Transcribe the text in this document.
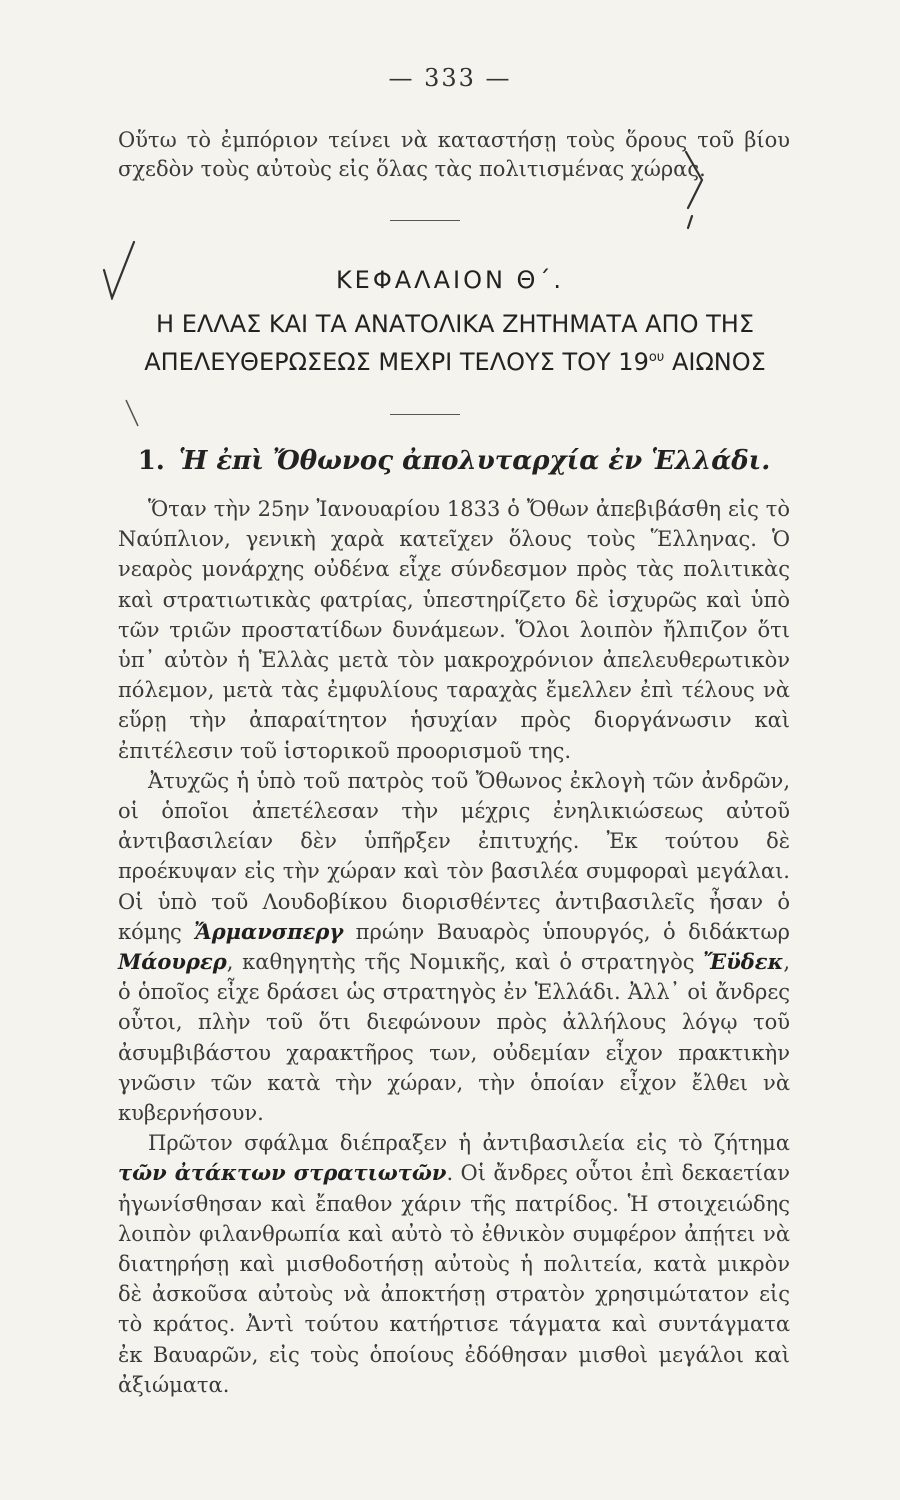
— 333 —
Οὕτω τὸ ἐμπόριον τείνει νὰ καταστήσῃ τοὺς ὅρους τοῦ βίου σχεδὸν τοὺς αὐτοὺς εἰς ὅλας τὰς πολιτισμένας χώρας.
ΚΕΦΑΛΑΙΟΝ Θ΄.
Η ΕΛΛΑΣ ΚΑΙ ΤΑ ΑΝΑΤΟΛΙΚΑ ΖΗΤΗΜΑΤΑ ΑΠΟ ΤΗΣ
ΑΠΕΛΕΥΘΕΡΩΣΕΩΣ ΜΕΧΡΙ ΤΕΛΟΥΣ ΤΟΥ $19^{o\upsilon}$ ΑΙΩΝΟΣ
1. Ἡ ἐπὶ Ὄθωνος ἀπολυταρχία ἐν Ἑλλάδι.

Ὅταν τὴν 25ην Ἰανουαρίου 1833 ὁ Ὄθων ἀπεβιβάσθη εἰς τὸ Ναύπλιον, γενικὴ χαρὰ κατεῖχεν ὅλους τοὺς Ἕλληνας. Ὁ νεαρὸς μονάρχης οὐδένα εἶχε σύνδεσμον πρὸς τὰς πολιτικὰς καὶ στρατιωτικὰς φατρίας, ὑπεστηρίζετο δὲ ἰσχυρῶς καὶ ὑπὸ τῶν τριῶν προστατίδων δυνάμεων. Ὅλοι λοιπὸν ἤλπιζον ὅτι ὑπ᾽ αὐτὸν ἡ Ἑλλὰς μετὰ τὸν μακροχρόνιον ἀπελευθερωτικὸν πόλεμον, μετὰ τὰς ἐμφυλίους ταραχὰς ἔμελλεν ἐπὶ τέλους νὰ εὕρῃ τὴν ἀπαραίτητον ἡσυχίαν πρὸς διοργάνωσιν καὶ ἐπιτέλεσιν τοῦ ἱστορικοῦ προορισμοῦ της.

Ἀτυχῶς ἡ ὑπὸ τοῦ πατρὸς τοῦ Ὄθωνος ἐκλογὴ τῶν ἀνδρῶν, οἱ ὁποῖοι ἀπετέλεσαν τὴν μέχρις ἐνηλικιώσεως αὐτοῦ ἀντιβασιλείαν δὲν ὑπῆρξεν ἐπιτυχής. Ἐκ τούτου δὲ προέκυψαν εἰς τὴν χώραν καὶ τὸν βασιλέα συμφοραὶ μεγάλαι. Οἱ ὑπὸ τοῦ Λουδοβίκου διορισθέντες ἀντιβασιλεῖς ἦσαν ὁ κόμης Ἄρμανσπεργ πρώην Βαυαρὸς ὑπουργός, ὁ διδάκτωρ Μάουρερ, καθηγητὴς τῆς Νομικῆς, καὶ ὁ στρατηγὸς Ἔϋδεκ, ὁ ὁποῖος εἶχε δράσει ὡς στρατηγὸς ἐν Ἑλλάδι. Ἀλλ᾽ οἱ ἄνδρες οὗτοι, πλὴν τοῦ ὅτι διεφώνουν πρὸς ἀλλήλους λόγῳ τοῦ ἀσυμβιβάστου χαρακτῆρος των, οὐδεμίαν εἶχον πρακτικὴν γνῶσιν τῶν κατὰ τὴν χώραν, τὴν ὁποίαν εἶχον ἔλθει νὰ κυβερνήσουν.

Πρῶτον σφάλμα διέπραξεν ἡ ἀντιβασιλεία εἰς τὸ ζήτημα τῶν ἀτάκτων στρατιωτῶν. Οἱ ἄνδρες οὗτοι ἐπὶ δεκαετίαν ἠγωνίσθησαν καὶ ἔπαθον χάριν τῆς πατρίδος. Ἡ στοιχειώδης λοιπὸν φιλανθρωπία καὶ αὐτὸ τὸ ἐθνικὸν συμφέρον ἀπῄτει νὰ διατηρήσῃ καὶ μισθοδοτήσῃ αὐτοὺς ἡ πολιτεία, κατὰ μικρὸν δὲ ἀσκοῦσα αὐτοὺς νὰ ἀποκτήσῃ στρατὸν χρησιμώτατον εἰς τὸ κράτος. Ἀντὶ τούτου κατήρτισε τάγματα καὶ συντάγματα ἐκ Βαυαρῶν, εἰς τοὺς ὁποίους ἐδόθησαν μισθοὶ μεγάλοι καὶ ἀξιώματα.
